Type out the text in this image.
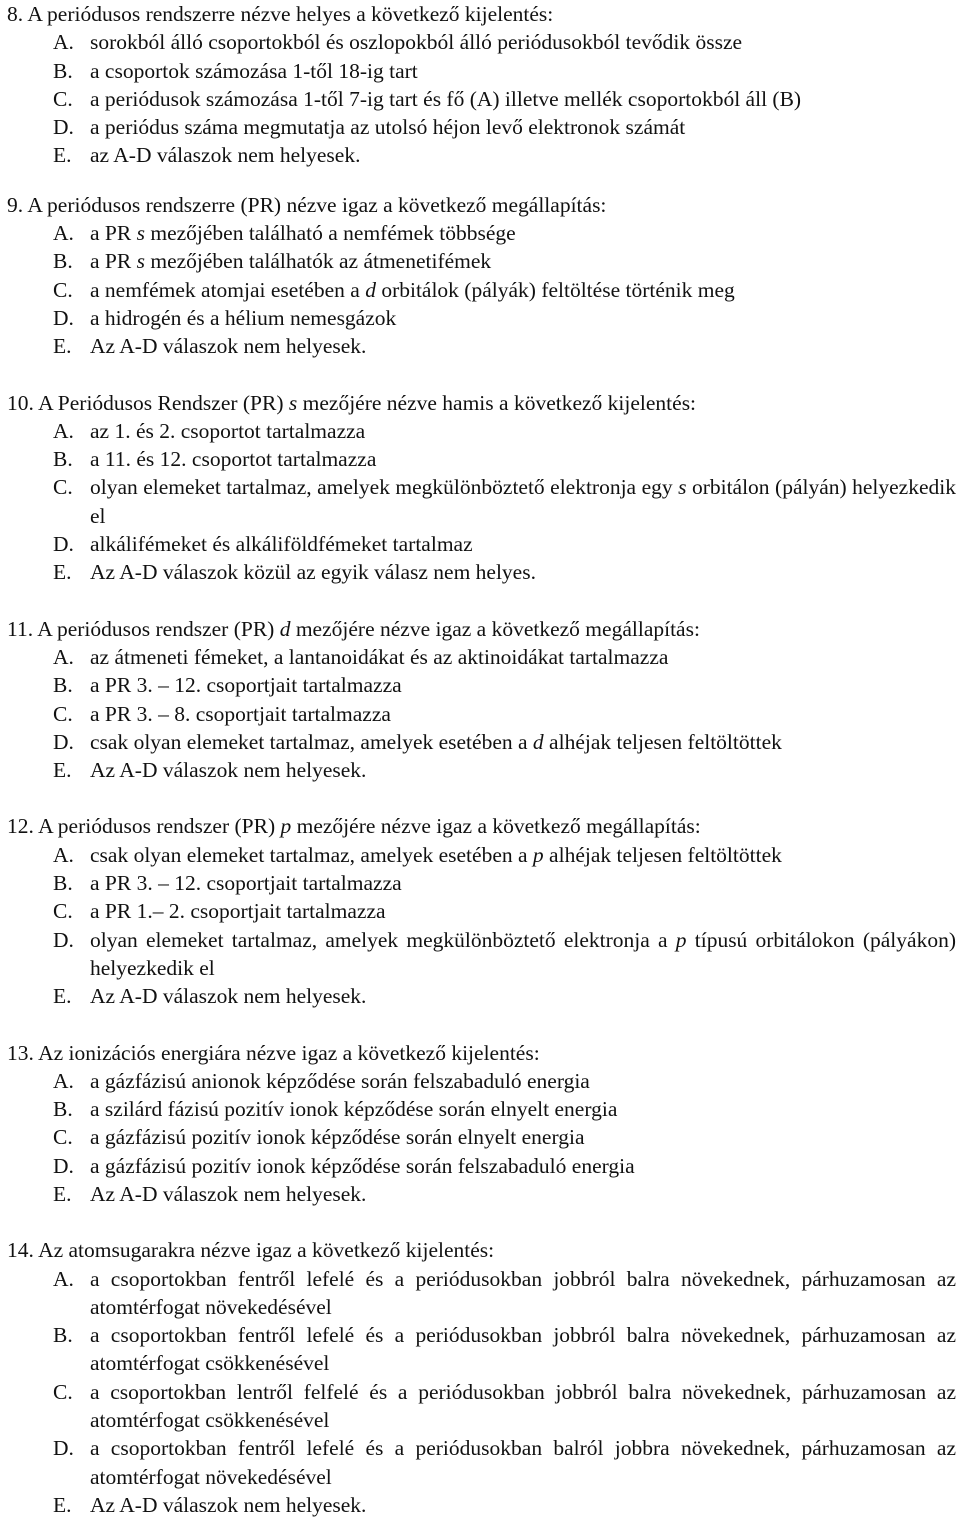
8. A periódusos rendszerre nézve helyes a következő kijelentés:
A. sorokból álló csoportokból és oszlopokból álló periódusokból tevődik össze
B. a csoportok számozása 1-től 18-ig tart
C. a periódusok számozása 1-től 7-ig tart és fő (A) illetve mellék csoportokból áll (B)
D. a periódus száma megmutatja az utolsó héjon levő elektronok számát
E. az A-D válaszok nem helyesek.
9. A periódusos rendszerre (PR) nézve igaz a következő megállapítás:
A. a PR s mezőjében található a nemfémek többsége
B. a PR s mezőjében találhatók az átmenetifémek
C. a nemfémek atomjai esetében a d orbitálok (pályák) feltöltése történik meg
D. a hidrogén és a hélium nemesgázok
E. Az A-D válaszok nem helyesek.
10. A Periódusos Rendszer (PR) s mezőjére nézve hamis a következő kijelentés:
A. az 1. és 2. csoportot tartalmazza
B. a 11. és 12. csoportot tartalmazza
C. olyan elemeket tartalmaz, amelyek megkülönböztető elektronja egy s orbitálon (pályán) helyezkedik el
D. alkálifémeket és alkáliföldfémeket tartalmaz
E. Az A-D válaszok közül az egyik válasz nem helyes.
11. A periódusos rendszer (PR) d mezőjére nézve igaz a következő megállapítás:
A. az átmeneti fémeket, a lantanoidákat és az aktinoidákat tartalmazza
B. a PR 3. – 12. csoportjait tartalmazza
C. a PR 3. – 8. csoportjait tartalmazza
D. csak olyan elemeket tartalmaz, amelyek esetében a d alhéjak teljesen feltöltöttek
E. Az A-D válaszok nem helyesek.
12. A periódusos rendszer (PR) p mezőjére nézve igaz a következő megállapítás:
A. csak olyan elemeket tartalmaz, amelyek esetében a p alhéjak teljesen feltöltöttek
B. a PR 3. – 12. csoportjait tartalmazza
C. a PR 1.– 2. csoportjait tartalmazza
D. olyan elemeket tartalmaz, amelyek megkülönböztető elektronja a p típusú orbitálokon (pályákon) helyezkedik el
E. Az A-D válaszok nem helyesek.
13. Az ionizációs energiára nézve igaz a következő kijelentés:
A. a gázfázisú anionok képződése során felszabaduló energia
B. a szilárd fázisú pozitív ionok képződése során elnyelt energia
C. a gázfázisú pozitív ionok képződése során elnyelt energia
D. a gázfázisú pozitív ionok képződése során felszabaduló energia
E. Az A-D válaszok nem helyesek.
14. Az atomsugarakra nézve igaz a következő kijelentés:
A. a csoportokban fentről lefelé és a periódusokban jobbról balra növekednek, párhuzamosan az atomtérfogat növekedésével
B. a csoportokban fentről lefelé és a periódusokban jobbról balra növekednek, párhuzamosan az atomtérfogat csökkenésével
C. a csoportokban lentről felfelé és a periódusokban jobbról balra növekednek, párhuzamosan az atomtérfogat csökkenésével
D. a csoportokban fentről lefelé és a periódusokban balról jobbra növekednek, párhuzamosan az atomtérfogat növekedésével
E. Az A-D válaszok nem helyesek.
